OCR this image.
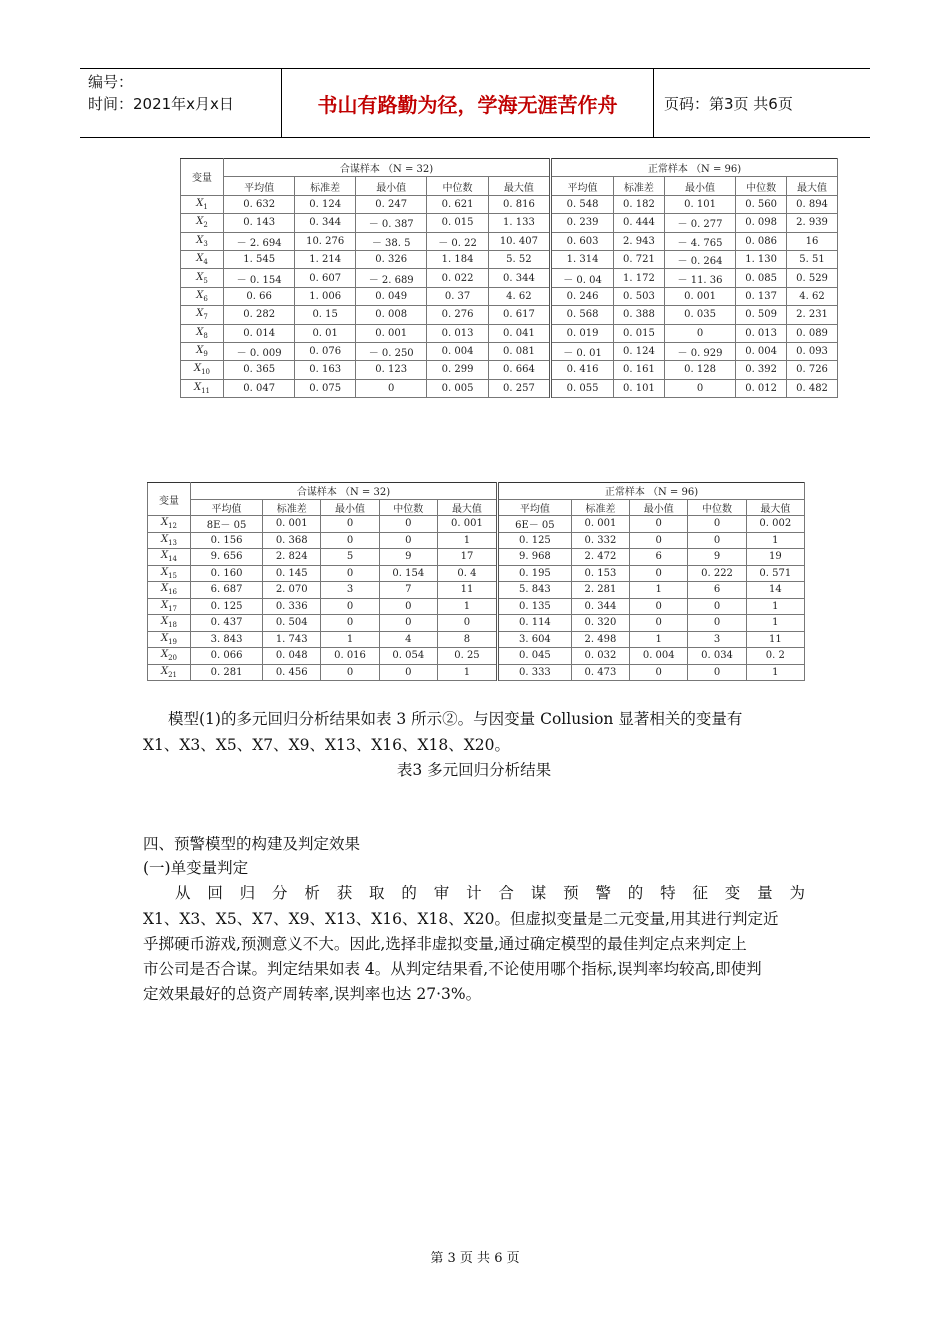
编号：
时间：2021年x月x日	书山有路勤为径，学海无涯苦作舟	页码：第3页 共6页
变量	合谋样本 （N = 32)					正常样本 （N = 96)				
	平均值	标准差	最小值	中位数	最大值	平均值	标准差	最小值	中位数	最大值
$X_1$	0. 632	0. 124	0. 247	0. 621	0. 816	0. 548	0. 182	0. 101	0. 560	0. 894
$X_2$	0. 143	0. 344	－ 0. 387	0. 015	1. 133	0. 239	0. 444	－ 0. 277	0. 098	2. 939
$X_3$	－ 2. 694	10. 276	－ 38. 5	－ 0. 22	10. 407	0. 603	2. 943	－ 4. 765	0. 086	16
$X_4$	1. 545	1. 214	0. 326	1. 184	5. 52	1. 314	0. 721	－ 0. 264	1. 130	5. 51
$X_5$	－ 0. 154	0. 607	－ 2. 689	0. 022	0. 344	－ 0. 04	1. 172	－ 11. 36	0. 085	0. 529
$X_6$	0. 66	1. 006	0. 049	0. 37	4. 62	0. 246	0. 503	0. 001	0. 137	4. 62
$X_7$	0. 282	0. 15	0. 008	0. 276	0. 617	0. 568	0. 388	0. 035	0. 509	2. 231
$X_8$	0. 014	0. 01	0. 001	0. 013	0. 041	0. 019	0. 015	0	0. 013	0. 089
$X_9$	－ 0. 009	0. 076	－ 0. 250	0. 004	0. 081	－ 0. 01	0. 124	－ 0. 929	0. 004	0. 093
$X_{10}$	0. 365	0. 163	0. 123	0. 299	0. 664	0. 416	0. 161	0. 128	0. 392	0. 726
$X_{11}$	0. 047	0. 075	0	0. 005	0. 257	0. 055	0. 101	0	0. 012	0. 482
变量	合谋样本 （N = 32)					正常样本 （N = 96)				
	平均值	标准差	最小值	中位数	最大值	平均值	标准差	最小值	中位数	最大值
$X_{12}$	8E－ 05	0. 001	0	0	0. 001	6E－ 05	0. 001	0	0	0. 002
$X_{13}$	0. 156	0. 368	0	0	1	0. 125	0. 332	0	0	1
$X_{14}$	9. 656	2. 824	5	9	17	9. 968	2. 472	6	9	19
$X_{15}$	0. 160	0. 145	0	0. 154	0. 4	0. 195	0. 153	0	0. 222	0. 571
$X_{16}$	6. 687	2. 070	3	7	11	5. 843	2. 281	1	6	14
$X_{17}$	0. 125	0. 336	0	0	1	0. 135	0. 344	0	0	1
$X_{18}$	0. 437	0. 504	0	0	0	0. 114	0. 320	0	0	1
$X_{19}$	3. 843	1. 743	1	4	8	3. 604	2. 498	1	3	11
$X_{20}$	0. 066	0. 048	0. 016	0. 054	0. 25	0. 045	0. 032	0. 004	0. 034	0. 2
$X_{21}$	0. 281	0. 456	0	0	1	0. 333	0. 473	0	0	1
模型(1)的多元回归分析结果如表 3 所示②。与因变量 Collusion 显著相关的变量有
X1、X3、X5、X7、X9、X13、X16、X18、X20。
表3 多元回归分析结果
四、预警模型的构建及判定效果
(一)单变量判定
从回归分析获取的审计合谋预警的特征变量为
X1、X3、X5、X7、X9、X13、X16、X18、X20。但虚拟变量是二元变量,用其进行判定近
乎掷硬币游戏,预测意义不大。因此,选择非虚拟变量,通过确定模型的最佳判定点来判定上
市公司是否合谋。判定结果如表 4。从判定结果看,不论使用哪个指标,误判率均较高,即使判
定效果最好的总资产周转率,误判率也达 27·3%。
第 3 页 共 6 页
